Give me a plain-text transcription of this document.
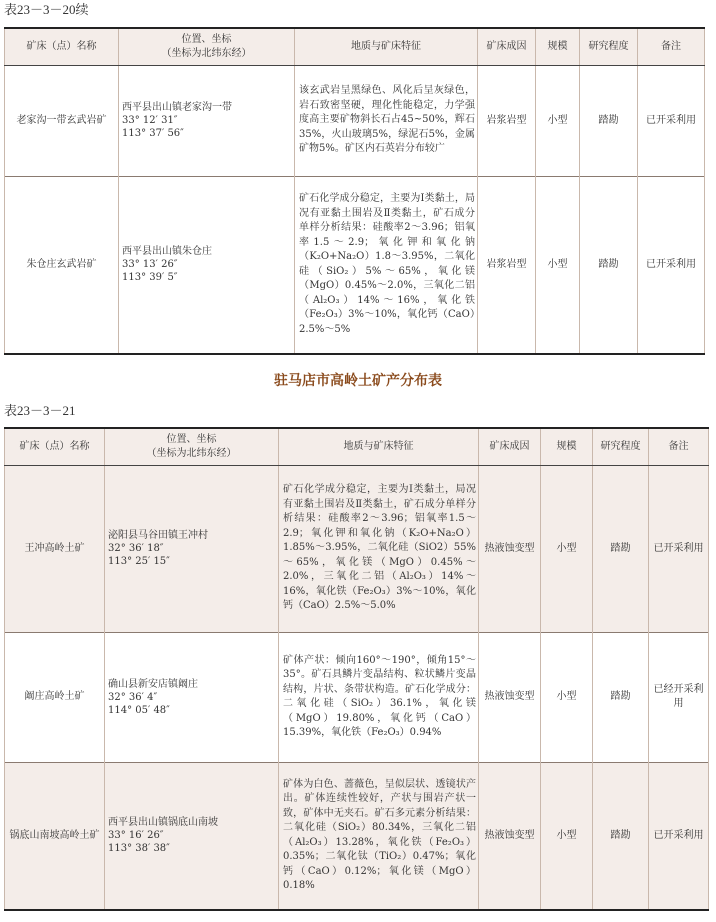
表23－3－20续
矿床（点）名称	位置、坐标
（坐标为北纬东经）	地质与矿床特征	矿床成因	规模	研究程度	备注
老家沟一带玄武岩矿	西平县出山镇老家沟一带
33° 12′ 31″
113° 37′ 56″	该玄武岩呈黑绿色、风化后呈灰绿色，岩石致密坚硬，理化性能稳定，力学强度高主要矿物斜长石占45~50%，辉石35%，火山玻璃5%，绿泥石5%，金属矿物5%。矿区内石英岩分布较广	岩浆岩型	小型	踏勘	已开采利用
朱仓庄玄武岩矿	西平县出山镇朱仓庄
33° 13′ 26″
113° 39′ 5″	矿石化学成分稳定，主要为Ⅰ类黏土，局况有亚黏土围岩及Ⅱ类黏土，矿石成分单样分析结果：硅酸率2～3.96；铝氧率1.5～2.9；氧化钾和氧化钠（K₂O+Na₂O）1.8～3.95%，二氧化硅（SiO₂）5%～65%，氧化镁（MgO）0.45%～2.0%，三氧化二铝（Al₂O₃）14%～16%，氧化铁（Fe₂O₃）3%～10%，氧化钙（CaO）2.5%～5%	岩浆岩型	小型	踏勘	已开采利用
驻马店市高岭土矿产分布表
表23－3－21
矿床（点）名称	位置、坐标
（坐标为北纬东经）	地质与矿床特征	矿床成因	规模	研究程度	备注
王冲高岭土矿	泌阳县马谷田镇王冲村
32° 36′ 18″
113° 25′ 15″	矿石化学成分稳定，主要为Ⅰ类黏土，局况有亚黏土围岩及Ⅱ类黏土，矿石成分单样分析结果：硅酸率2～3.96；铝氧率1.5～2.9；氧化钾和氧化钠（K₂O+Na₂O）1.85%～3.95%，二氧化硅（SiO2）55%～65%，氧化镁（MgO）0.45%～2.0%，三氧化二铝（Al₂O₃）14%～16%，氧化铁（Fe₂O₃）3%～10%，氧化钙（CaO）2.5%～5.0%	热液蚀变型	小型	踏勘	已开采利用
阚庄高岭土矿	确山县新安店镇阚庄
32° 36′ 4″
114° 05′ 48″	矿体产状：倾向160°～190°，倾角15°～35°。矿石具鳞片变晶结构、粒状鳞片变晶结构，片状、条带状构造。矿石化学成分：二氧化硅（SiO₂）36.1%，氧化镁（MgO）19.80%，氧化钙（CaO）15.39%，氧化铁（Fe₂O₃）0.94%	热液蚀变型	小型	踏勘	已经开采利用
锅底山南坡高岭土矿	西平县出山镇锅底山南坡
33° 16′ 26″
113° 38′ 38″	矿体为白色、蔷薇色，呈似层状、透镜状产出。矿体连续性较好，产状与围岩产状一致，矿体中无夹石。矿石多元素分析结果：二氧化硅（SiO₂）80.34%，三氧化二铝（Al₂O₃）13.28%，氧化铁（Fe₂O₃）0.35%；二氧化钛（TiO₂）0.47%；氧化钙（CaO）0.12%；氧化镁（MgO）0.18%	热液蚀变型	小型	踏勘	已开采利用
